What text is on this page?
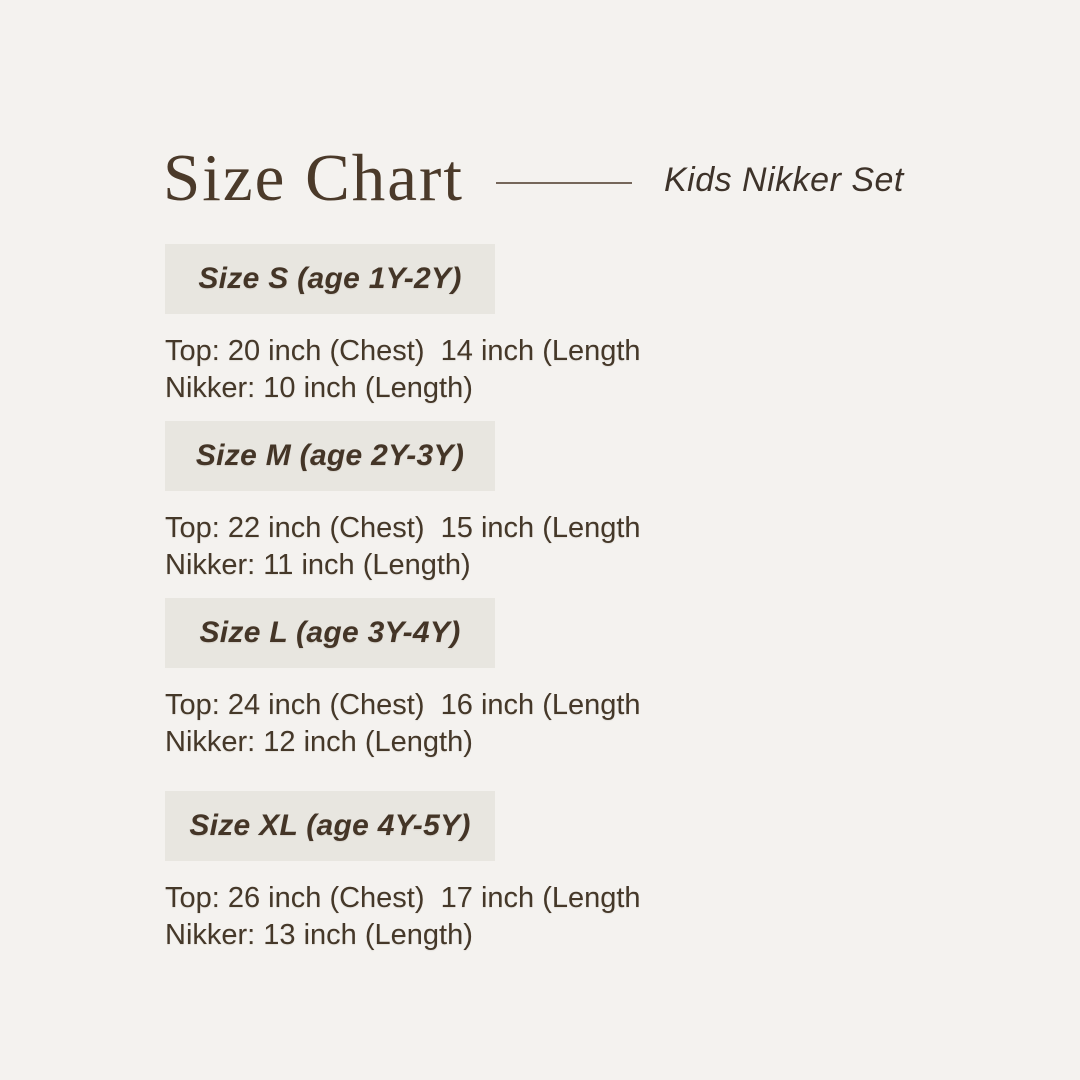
Size Chart	Kids Nikker Set
Size S (age 1Y-2Y)
Top: 20 inch (Chest)  14 inch (Length
Nikker: 10 inch (Length)
Size M (age 2Y-3Y)
Top: 22 inch (Chest)  15 inch (Length
Nikker: 11 inch (Length)
Size L (age 3Y-4Y)
Top: 24 inch (Chest)  16 inch (Length
Nikker: 12 inch (Length)
Size XL (age 4Y-5Y)
Top: 26 inch (Chest)  17 inch (Length
Nikker: 13 inch (Length)
